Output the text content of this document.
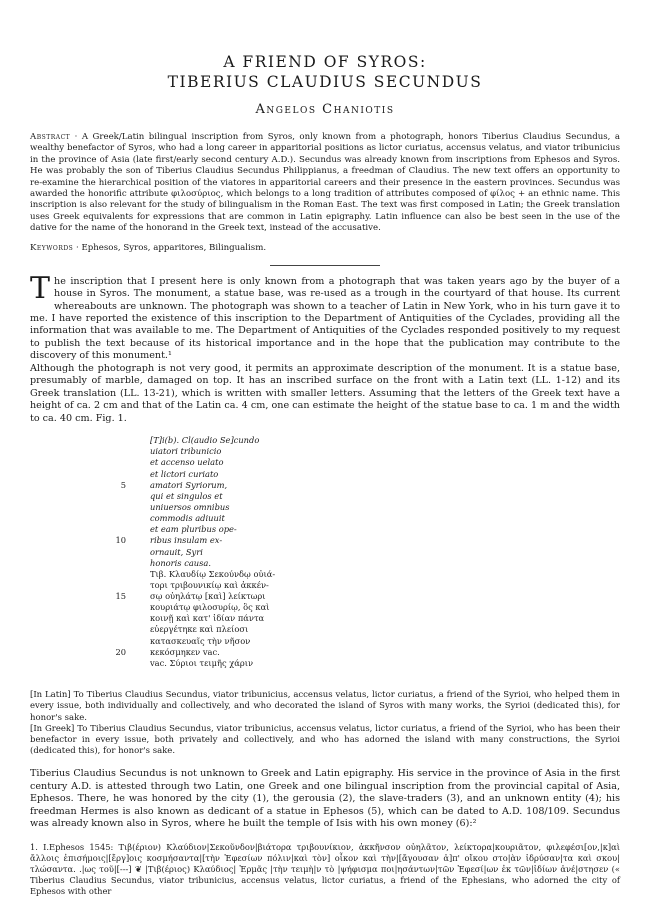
A FRIEND OF SYROS:
TIBERIUS CLAUDIUS SECUNDUS
Angelos Chaniotis
Abstract · A Greek/Latin bilingual inscription from Syros, only known from a photograph, honors Tiberius Claudius Secundus, a wealthy benefactor of Syros, who had a long career in apparitorial positions as lictor curiatus, accensus velatus, and viator tribunicius in the province of Asia (late first/early second century A.D.). Secundus was already known from inscriptions from Ephesos and Syros. He was probably the son of Tiberius Claudius Secundus Philippianus, a freedman of Claudius. The new text offers an opportunity to re-examine the hierarchical position of the viatores in apparitorial careers and their presence in the eastern provinces. Secundus was awarded the honorific attribute φιλοσύριος, which belongs to a long tradition of attributes composed of φίλος + an ethnic name. This inscription is also relevant for the study of bilingualism in the Roman East. The text was first composed in Latin; the Greek translation uses Greek equivalents for expressions that are common in Latin epigraphy. Latin influence can also be best seen in the use of the dative for the name of the honorand in the Greek text, instead of the accusative.
Keywords · Ephesos, Syros, apparitores, Bilingualism.

The inscription that I present here is only known from a photograph that was taken years ago by the buyer of a house in Syros. The monument, a statue base, was re-used as a trough in the courtyard of that house. Its current whereabouts are unknown. The photograph was shown to a teacher of Latin in New York, who in his turn gave it to me. I have reported the existence of this inscription to the Department of Antiquities of the Cyclades, providing all the information that was available to me. The Department of Antiquities of the Cyclades responded positively to my request to publish the text because of its historical importance and in the hope that the publication may contribute to the discovery of this monument.¹

Although the photograph is not very good, it permits an approximate description of the monument. It is a statue base, presumably of marble, damaged on top. It has an inscribed surface on the front with a Latin text (LL. 1-12) and its Greek translation (LL. 13-21), which is written with smaller letters. Assuming that the letters of the Greek text have a height of ca. 2 cm and that of the Latin ca. 4 cm, one can estimate the height of the statue base to ca. 1 m and the width to ca. 40 cm. Fig. 1.

[T]i(b). Cl(audio Se]cundo
uiatori tribunicio
et accenso uelato
et lictori curiato
5	amatori Syriorum,
qui et singulos et
uniuersos omnibus
commodis adiuuit
et eam pluribus ope-
10	ribus insulam ex-
ornauit, Syri
honoris causa.
Τιβ. Κλαυδίῳ Σεκούνδῳ οὐιά-
τορι τριβουνικίῳ καὶ ἀκκέν-
15	σῳ οὐηλάτῳ [καὶ] λείκτωρι
κουριάτῳ φιλοσυρίῳ, ὃς καὶ
κοινῇ καὶ κατ' ἰδίαν πάντα
εὐεργέτηκε καὶ πλείοσι
κατασκευαῖς τὴν νῆσον
20	κεκόσμηκεν vac.
vac. Σύριοι τειμῆς χάριν

[In Latin] To Tiberius Claudius Secundus, viator tribunicius, accensus velatus, lictor curiatus, a friend of the Syrioi, who helped them in every issue, both individually and collectively, and who decorated the island of Syros with many works, the Syrioi (dedicated this), for honor's sake.

[In Greek] To Tiberius Claudius Secundus, viator tribunicius, accensus velatus, lictor curiatus, a friend of the Syrioi, who has been their benefactor in every issue, both privately and collectively, and who has adorned the island with many constructions, the Syrioi (dedicated this), for honor's sake.

Tiberius Claudius Secundus is not unknown to Greek and Latin epigraphy. His service in the province of Asia in the first century A.D. is attested through two Latin, one Greek and one bilingual inscription from the provincial capital of Asia, Ephesos. There, he was honored by the city (1), the gerousia (2), the slave-traders (3), and an unknown entity (4); his freedman Hermes is also known as dedicant of a statue in Ephesos (5), which can be dated to A.D. 108/109. Secundus was already known also in Syros, where he built the temple of Isis with his own money (6):²

1. I.Ephesos 1545: Τιβ(έριον) Κλαύδιον|Σεκοῦνδον|βιάτορα τριβουνίκιον, ἀκκῆνσον οὐηλᾶτον, λείκτορα|κουριᾶτον, φιλεφέσι[ον,|κ]αὶ ἄλλοις ἐπισήμοις|[ἔργ]οις κοσμήσαντα|[τὴν Ἐφεσίων πόλιν|καὶ τὸν] οἶκον καὶ τὴν|[ἄγουσαν ἀ]π' οἴκου στο|ὰν ἱδρύσαν|τα καὶ σκου|τλώσαντα. .|ως τοῦ|[---] ❦ |Τιβ(έριος) Κλαύδιος| Ἑρμᾶς |τὴν τειμὴ|ν τὸ |ψήφισμα ποι|ησάντων|τῶν Ἐφεσί|ων ἐκ τῶν|ἰδίων ἀνέ|στησεν (« Tiberius Claudius Secundus, viator tribunicius, accensus velatus, lictor curiatus, a friend of the Ephesians, who adorned the city of Ephesos with other
